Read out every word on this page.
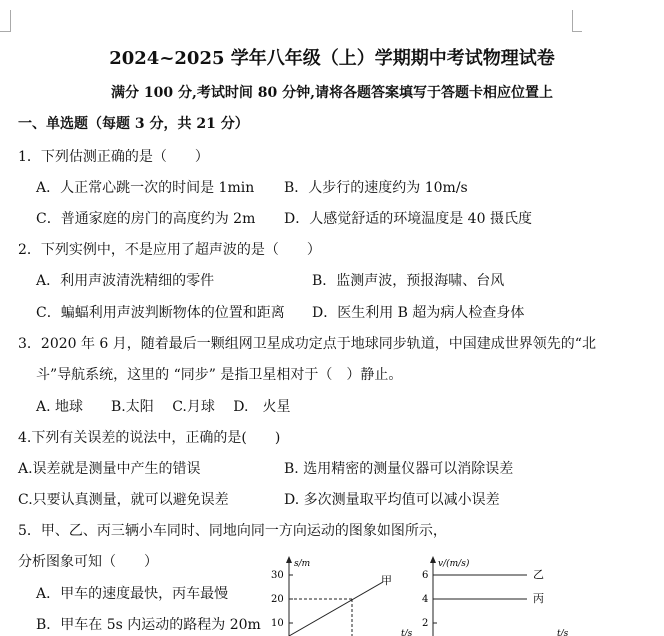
2024~2025 学年八年级（上）学期期中考试物理试卷
满分 100 分,考试时间 80 分钟,请将各题答案填写于答题卡相应位置上
一、单选题（每题 3 分，共 21 分）
1．下列估测正确的是（　　）
A．人正常心跳一次的时间是 1min B．人步行的速度约为 10m/s
C．普通家庭的房门的高度约为 2m D．人感觉舒适的环境温度是 40 摄氏度
2．下列实例中，不是应用了超声波的是（　　）
A．利用声波清洗精细的零件	B．监测声波，预报海啸、台风
C．蝙蝠利用声波判断物体的位置和距离 D．医生利用 B 超为病人检查身体
3．2020 年 6 月，随着最后一颗组网卫星成功定点于地球同步轨道，中国建成世界领先的“北
斗”导航系统，这里的 “同步” 是指卫星相对于（　）静止。
A. 地球　　B.太阳　 C.月球　 D.　火星
4.下列有关误差的说法中，正确的是(　　)
A.误差就是测量中产生的错误	B. 选用精密的测量仪器可以消除误差
C.只要认真测量，就可以避免误差	D. 多次测量取平均值可以减小误差
5．甲、乙、丙三辆小车同时、同地向同一方向运动的图象如图所示，
分析图象可知（　　）
A．甲车的速度最快，丙车最慢
B．甲车在 5s 内运动的路程为 20m
s/m
30
20
10
甲
t/s
v/(m/s)
6
4
2
乙
丙
t/s
